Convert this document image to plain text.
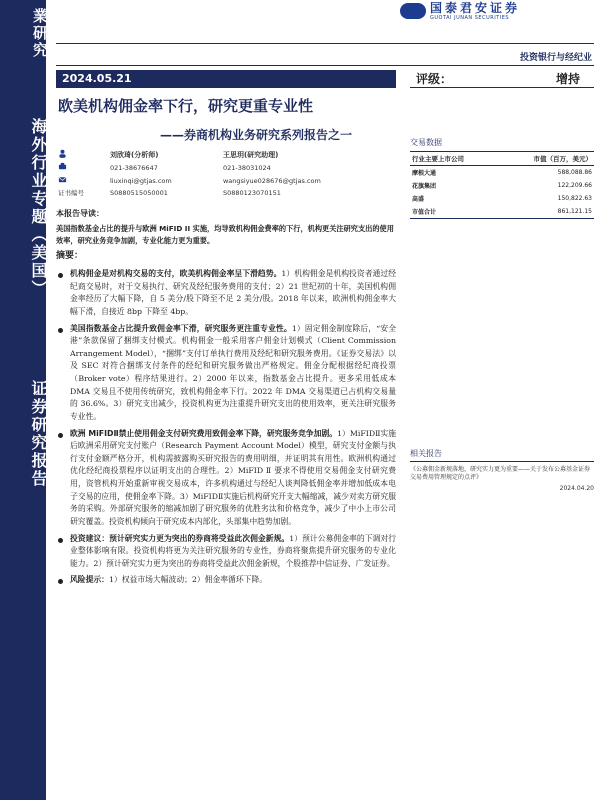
業研究
海外行业专题（美国）
证券研究报告
国泰君安证券
GUOTAI JUNAN SECURITIES
投资银行与经纪业
2024.05.21	评级：	增持
欧美机构佣金率下行，研究更重专业性
——券商机构业务研究系列报告之一
	刘欣琦(分析师)	王思玥(研究助理)
	021-38676647	021-38031024
	liuxinqi@gtjas.com	wangsiyue028676@gtjas.com
证书编号	S0880515050001	S0880123070151
交易数据
行业主要上市公司	市值（百万，美元）
摩根大通	588,088.86
花旗集团	122,209.66
高盛	150,822.63
市值合计	861,121.15
相关报告
《公募佣金新规落地，研究实力更为重要——关于发布公募基金证券交易费用管理规定的点评》
2024.04.20
本报告导读：
美国指数基金占比的提升与欧洲 MiFID II 实施，均导致机构佣金费率的下行，机构更关注研究支出的使用效率，研究业务竞争加剧，专业化能力更为重要。
摘要：
机构佣金是对机构交易的支付，欧美机构佣金率呈下滑趋势。1）机构佣金是机构投资者通过经纪商交易时，对于交易执行、研究及经纪服务费用的支付；2）21 世纪初的十年，美国机构佣金率经历了大幅下降，自 5 美分/股下降至不足 2 美分/股。2018 年以来，欧洲机构佣金率大幅下滑，自接近 8bp 下降至 4bp。
美国指数基金占比提升致佣金率下滑，研究服务更注重专业性。1）固定佣金制度除后，“安全港”条款保留了捆绑支付模式。机构佣金一般采用客户佣金计划模式（Client Commission Arrangement Model），“捆绑”支付订单执行费用及经纪和研究服务费用。《证券交易法》以及 SEC 对符合捆绑支付条件的经纪和研究服务做出严格规定。佣金分配根据经纪商投票（Broker vote）程序结果进行。2）2000 年以来，指数基金占比提升。更多采用低成本 DMA 交易且不使用传统研究，致机构佣金率下行。2022 年 DMA 交易渠道已占机构交易量的 36.6%。3）研究支出减少，投资机构更为注重提升研究支出的使用效率，更关注研究服务专业性。
欧洲 MiFIDⅡ禁止使用佣金支付研究费用致佣金率下降，研究服务竞争加剧。1）MiFIDⅡ实施后欧洲采用研究支付账户（Research Payment Account Model）模型，研究支付金额与执行支付金额严格分开，机构需披露购买研究报告的费用明细，并证明其有用性。欧洲机构通过优化经纪商投票程序以证明支出的合理性。2）MiFID Ⅱ 要求不得使用交易佣金支付研究费用，资管机构开始重新审视交易成本，许多机构通过与经纪人谈判降低佣金率并增加低成本电子交易的应用，使佣金率下降。3）MiFIDⅡ实施后机构研究开支大幅缩减，减少对卖方研究服务的采购。外部研究服务的缩减加剧了研究服务的优胜劣汰和价格竞争，减少了中小上市公司研究覆盖。投资机构倾向于研究成本内部化，头部集中趋势加剧。
投资建议：预计研究实力更为突出的券商将受益此次佣金新规。1）预计公募佣金率的下调对行业整体影响有限。投资机构将更为关注研究服务的专业性，券商将聚焦提升研究服务的专业化能力。2）预计研究实力更为突出的券商将受益此次佣金新规，个股推荐中信证券、广发证券。
风险提示：1）权益市场大幅波动；2）佣金率循环下降。
